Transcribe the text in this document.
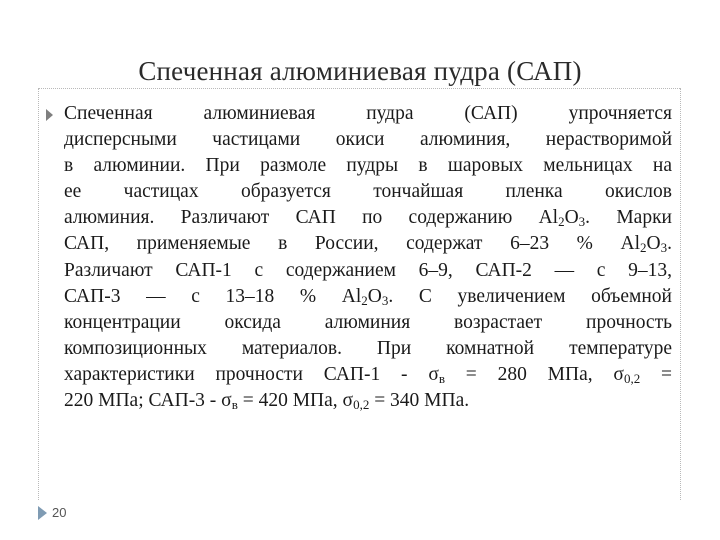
Спеченная алюминиевая пудра (САП)
Спеченная алюминиевая пудра (САП) упрочняется
дисперсными частицами окиси алюминия, нерастворимой
в алюминии. При размоле пудры в шаровых мельницах на
ее частицах образуется тончайшая пленка окислов
алюминия. Различают САП по содержанию $Al_2O_3$. Марки
САП, применяемые в России, содержат 6–23 % $Al_2O_3$.
Различают САП-1 с содержанием 6–9, САП-2 — с 9–13,
САП-3 — с 13–18 % $Al_2O_3$. С увеличением объемной
концентрации оксида алюминия возрастает прочность
композиционных материалов. При комнатной температуре
характеристики прочности $САП-1 - \sigma_в = 280$ МПа, $\sigma_{0,2}$ =
220 МПа; $САП-3 - \sigma_в = 420$ МПа, $\sigma_{0,2} = 340$ МПа.
20
